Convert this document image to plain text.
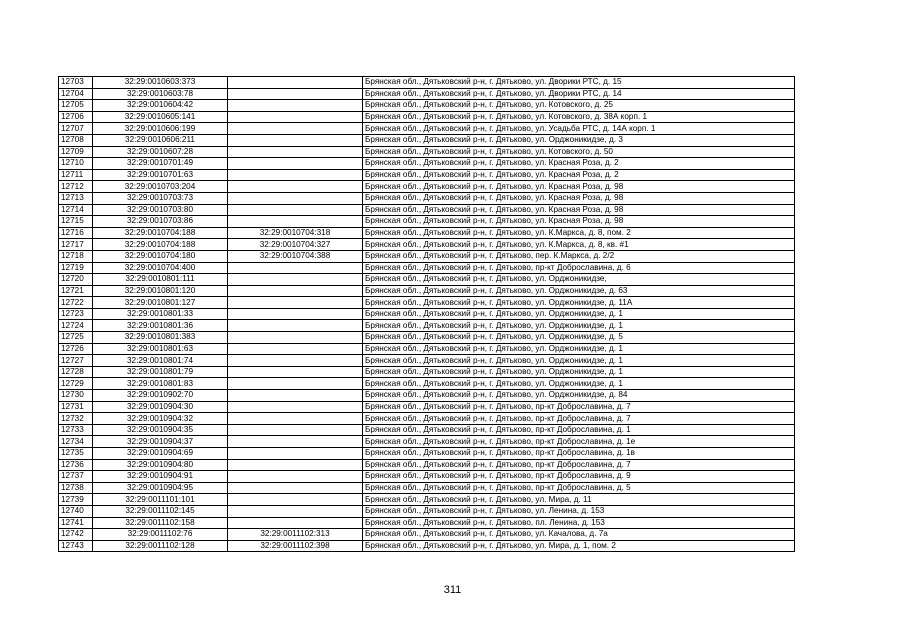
12703	32:29:0010603:373		Брянская обл., Дятьковский р-н, г. Дятьково, ул. Дворики РТС, д. 15
12704	32:29:0010603:78		Брянская обл., Дятьковский р-н, г. Дятьково, ул. Дворики РТС, д. 14
12705	32:29:0010604:42		Брянская обл., Дятьковский р-н, г. Дятьково, ул. Котовского, д. 25
12706	32:29:0010605:141		Брянская обл., Дятьковский р-н, г. Дятьково, ул. Котовского, д. 38А корп. 1
12707	32:29:0010606:199		Брянская обл., Дятьковский р-н, г. Дятьково, ул. Усадьба РТС, д. 14А корп. 1
12708	32:29:0010606:211		Брянская обл., Дятьковский р-н, г. Дятьково, ул. Орджоникидзе, д. 3
12709	32:29:0010607:28		Брянская обл., Дятьковский р-н, г. Дятьково, ул. Котовского, д. 50
12710	32:29:0010701:49		Брянская обл., Дятьковский р-н, г. Дятьково, ул. Красная Роза, д. 2
12711	32:29:0010701:63		Брянская обл., Дятьковский р-н, г. Дятьково, ул. Красная Роза, д. 2
12712	32:29:0010703:204		Брянская обл., Дятьковский р-н, г. Дятьково, ул. Красная Роза, д. 98
12713	32:29:0010703:73		Брянская обл., Дятьковский р-н, г. Дятьково, ул. Красная Роза, д. 98
12714	32:29:0010703:80		Брянская обл., Дятьковский р-н, г. Дятьково, ул. Красная Роза, д. 98
12715	32:29:0010703:86		Брянская обл., Дятьковский р-н, г. Дятьково, ул. Красная Роза, д. 98
12716	32:29:0010704:188	32:29:0010704:318	Брянская обл., Дятьковский р-н, г. Дятьково, ул. К.Маркса, д. 8, пом. 2
12717	32:29:0010704:188	32:29:0010704:327	Брянская обл., Дятьковский р-н, г. Дятьково, ул. К.Маркса, д. 8, кв. #1
12718	32:29:0010704:180	32:29:0010704:388	Брянская обл., Дятьковский р-н, г. Дятьково, пер. К.Маркса, д. 2/2
12719	32:29:0010704:400		Брянская обл., Дятьковский р-н, г. Дятьково, пр-кт Доброславина, д. 6
12720	32:29:0010801:111		Брянская обл., Дятьковский р-н, г. Дятьково, ул. Орджоникидзе,
12721	32:29:0010801:120		Брянская обл., Дятьковский р-н, г. Дятьково, ул. Орджоникидзе, д. 63
12722	32:29:0010801:127		Брянская обл., Дятьковский р-н, г. Дятьково, ул. Орджоникидзе, д. 11А
12723	32:29:0010801:33		Брянская обл., Дятьковский р-н, г. Дятьково, ул. Орджоникидзе, д. 1
12724	32:29:0010801:36		Брянская обл., Дятьковский р-н, г. Дятьково, ул. Орджоникидзе, д. 1
12725	32:29:0010801:383		Брянская обл., Дятьковский р-н, г. Дятьково, ул. Орджоникидзе, д. 5
12726	32:29:0010801:63		Брянская обл., Дятьковский р-н, г. Дятьково, ул. Орджоникидзе, д. 1
12727	32:29:0010801:74		Брянская обл., Дятьковский р-н, г. Дятьково, ул. Орджоникидзе, д. 1
12728	32:29:0010801:79		Брянская обл., Дятьковский р-н, г. Дятьково, ул. Орджоникидзе, д. 1
12729	32:29:0010801:83		Брянская обл., Дятьковский р-н, г. Дятьково, ул. Орджоникидзе, д. 1
12730	32:29:0010902:70		Брянская обл., Дятьковский р-н, г. Дятьково, ул. Орджоникидзе, д. 84
12731	32:29:0010904:30		Брянская обл., Дятьковский р-н, г. Дятьково, пр-кт Доброславина, д. 7
12732	32:29:0010904:32		Брянская обл., Дятьковский р-н, г. Дятьково, пр-кт Доброславина, д. 7
12733	32:29:0010904:35		Брянская обл., Дятьковский р-н, г. Дятьково, пр-кт Доброславина, д. 1
12734	32:29:0010904:37		Брянская обл., Дятьковский р-н, г. Дятьково, пр-кт Доброславина, д. 1е
12735	32:29:0010904:69		Брянская обл., Дятьковский р-н, г. Дятьково, пр-кт Доброславина, д. 1в
12736	32:29:0010904:80		Брянская обл., Дятьковский р-н, г. Дятьково, пр-кт Доброславина, д. 7
12737	32:29:0010904:91		Брянская обл., Дятьковский р-н, г. Дятьково, пр-кт Доброславина, д. 9
12738	32:29:0010904:95		Брянская обл., Дятьковский р-н, г. Дятьково, пр-кт Доброславина, д. 5
12739	32:29:0011101:101		Брянская обл., Дятьковский р-н, г. Дятьково, ул. Мира, д. 11
12740	32:29:0011102:145		Брянская обл., Дятьковский р-н, г. Дятьково, ул. Ленина, д. 153
12741	32:29:0011102:158		Брянская обл., Дятьковский р-н, г. Дятьково, пл. Ленина, д. 153
12742	32:29:0011102:76	32:29:0011102:313	Брянская обл., Дятьковский р-н, г. Дятьково, ул. Качалова, д. 7а
12743	32:29:0011102:128	32:29:0011102:398	Брянская обл., Дятьковский р-н, г. Дятьково, ул. Мира, д. 1, пом. 2
311
